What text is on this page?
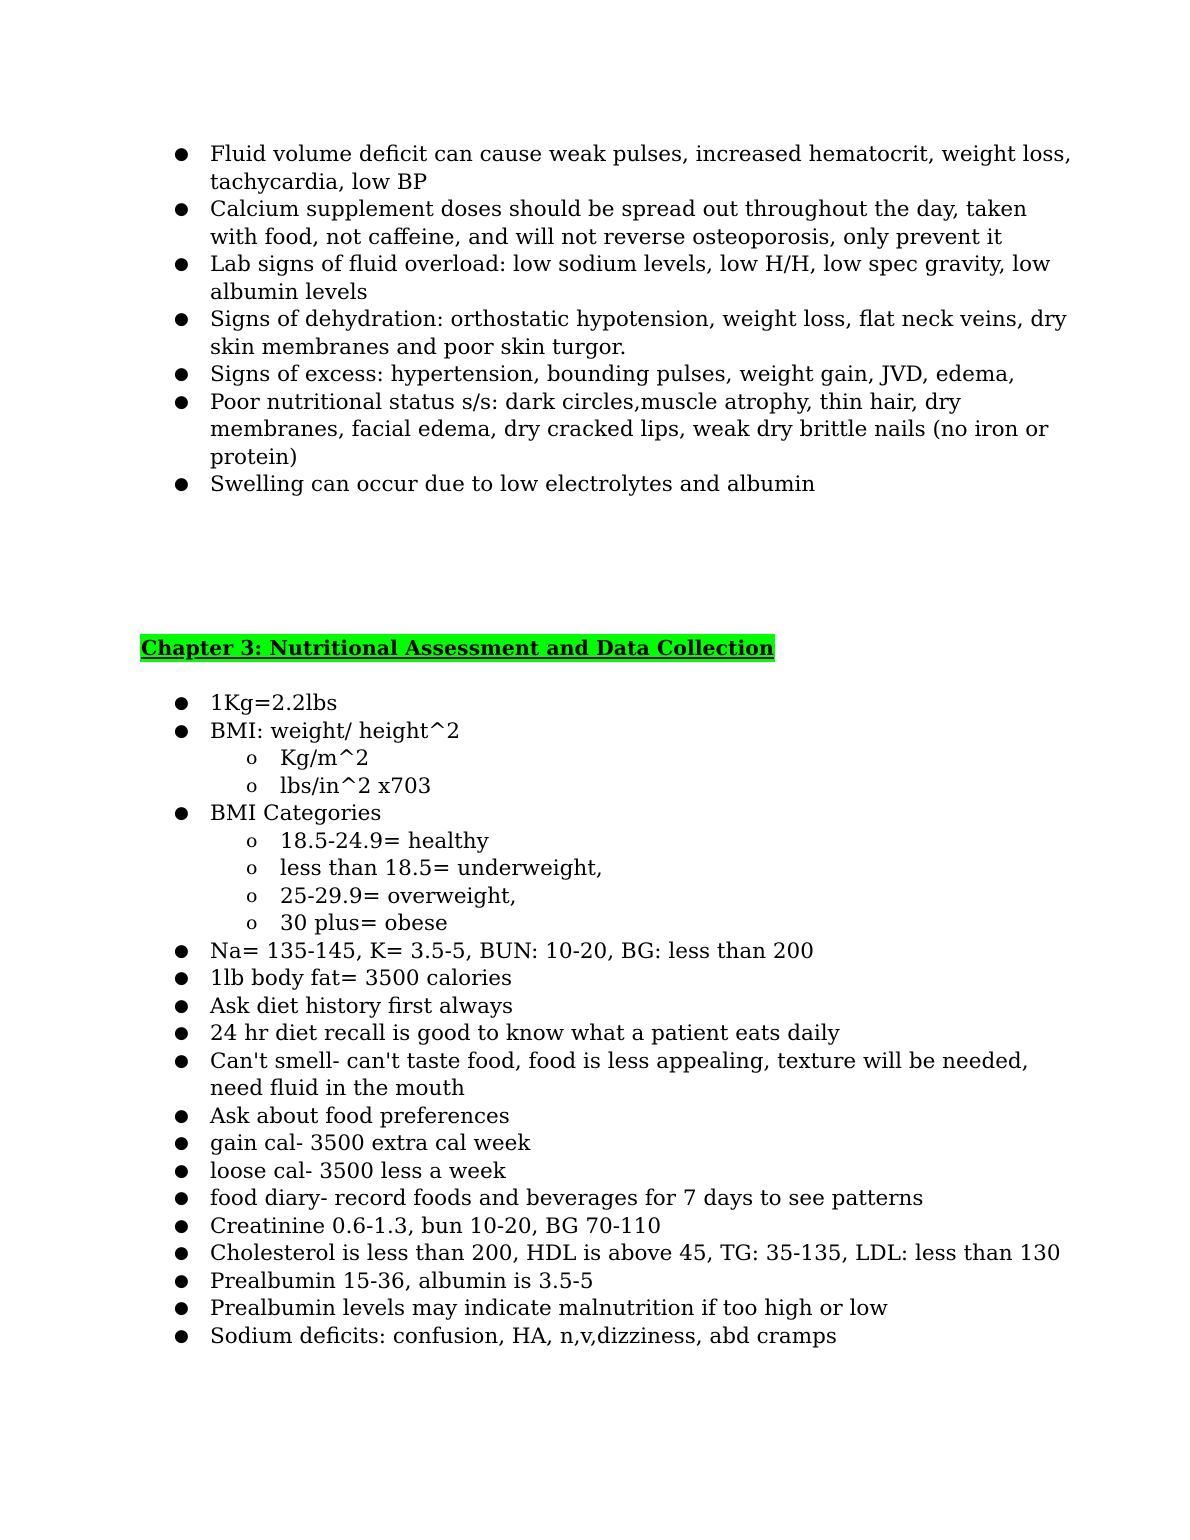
● Fluid volume deficit can cause weak pulses, increased hematocrit, weight loss, tachycardia, low BP
● Calcium supplement doses should be spread out throughout the day, taken with food, not caffeine, and will not reverse osteoporosis, only prevent it
● Lab signs of fluid overload: low sodium levels, low H/H, low spec gravity, low albumin levels
● Signs of dehydration: orthostatic hypotension, weight loss, flat neck veins, dry skin membranes and poor skin turgor.
● Signs of excess: hypertension, bounding pulses, weight gain, JVD, edema,
● Poor nutritional status s/s: dark circles,muscle atrophy, thin hair, dry membranes, facial edema, dry cracked lips, weak dry brittle nails (no iron or protein)
● Swelling can occur due to low electrolytes and albumin
Chapter 3: Nutritional Assessment and Data Collection
● 1Kg=2.2lbs
● BMI: weight/ height^2
o Kg/m^2
o lbs/in^2 x703
● BMI Categories
o 18.5-24.9= healthy
o less than 18.5= underweight,
o 25-29.9= overweight,
o 30 plus= obese
● Na= 135-145, K= 3.5-5, BUN: 10-20, BG: less than 200
● 1lb body fat= 3500 calories
● Ask diet history first always
● 24 hr diet recall is good to know what a patient eats daily
● Can't smell- can't taste food, food is less appealing, texture will be needed, need fluid in the mouth
● Ask about food preferences
● gain cal- 3500 extra cal week
● loose cal- 3500 less a week
● food diary- record foods and beverages for 7 days to see patterns
● Creatinine 0.6-1.3, bun 10-20, BG 70-110
● Cholesterol is less than 200, HDL is above 45, TG: 35-135, LDL: less than 130
● Prealbumin 15-36, albumin is 3.5-5
● Prealbumin levels may indicate malnutrition if too high or low
● Sodium deficits: confusion, HA, n,v,dizziness, abd cramps
